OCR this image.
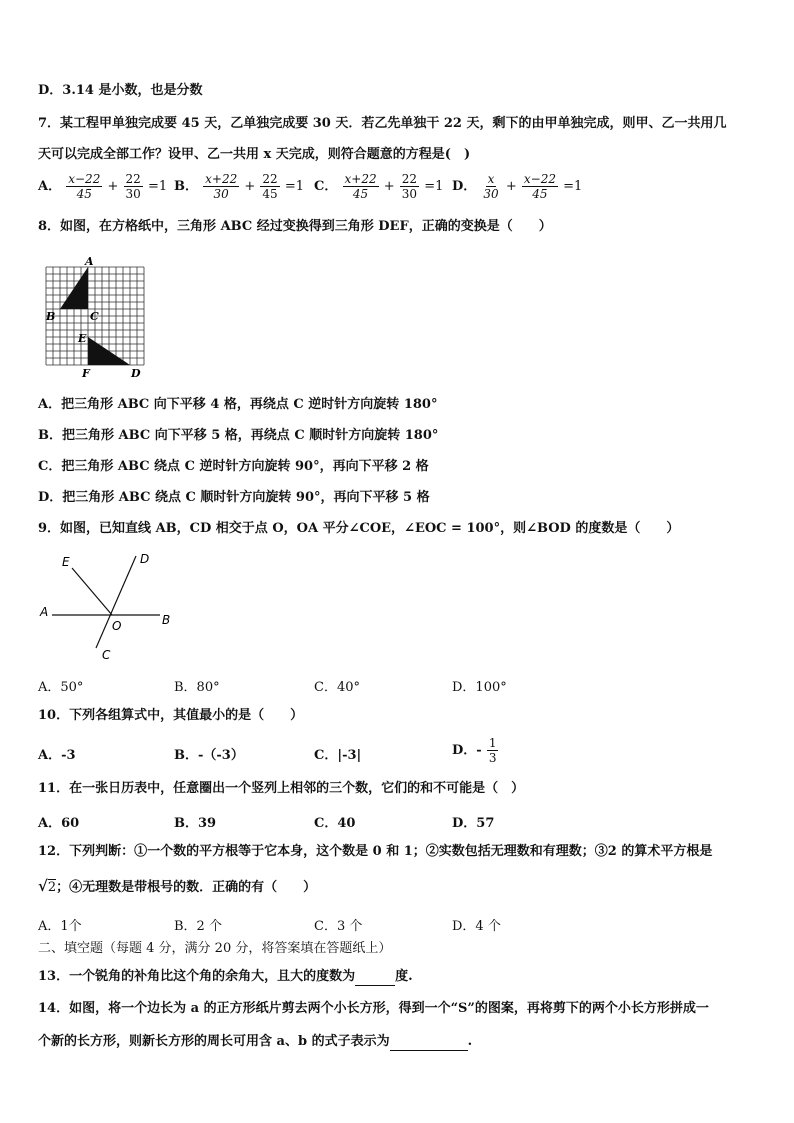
D．3.14 是小数，也是分数
7．某工程甲单独完成要 45 天，乙单独完成要 30 天．若乙先单独干 22 天，剩下的由甲单独完成，则甲、乙一共用几
天可以完成全部工作？设甲、乙一共用 x 天完成，则符合题意的方程是(　)
A． $\frac{x-22}{45} + \frac{22}{30} =1$ B． $\frac{x+22}{30} + \frac{22}{45} =1$ C． $\frac{x+22}{45} + \frac{22}{30} =1$ D． $\frac{x}{30} + \frac{x-22}{45} =1$
8．如图，在方格纸中，三角形 ABC 经过变换得到三角形 DEF，正确的变换是（　　）
A
B	C
E
F	D
A．把三角形 ABC 向下平移 4 格，再绕点 C 逆时针方向旋转 180°
B．把三角形 ABC 向下平移 5 格，再绕点 C 顺时针方向旋转 180°
C．把三角形 ABC 绕点 C 逆时针方向旋转 90°，再向下平移 2 格
D．把三角形 ABC 绕点 C 顺时针方向旋转 90°，再向下平移 5 格
9．如图，已知直线 AB，CD 相交于点 O，OA 平分∠COE，∠EOC = 100°，则∠BOD 的度数是（　　）
A
B
C
D
E
O
A．50°	B．80°	C．40°	D．100°
10．下列各组算式中，其值最小的是（　　）
A．-3	B．-（-3）	C．|-3|	D．- $\frac{1}{3}$
11．在一张日历表中，任意圈出一个竖列上相邻的三个数，它们的和不可能是（　）
A．60	B．39	C．40	D．57
12．下列判断：①一个数的平方根等于它本身，这个数是 0 和 1；②实数包括无理数和有理数；③2 的算术平方根是
√2；④无理数是带根号的数．正确的有（　　）
A．1个	B．2 个	C．3 个	D．4 个
二、填空题（每题 4 分，满分 20 分，将答案填在答题纸上）
13．一个锐角的补角比这个角的余角大，且大的度数为	度.
14．如图，将一个边长为 a 的正方形纸片剪去两个小长方形，得到一个“S”的图案，再将剪下的两个小长方形拼成一
个新的长方形，则新长方形的周长可用含 a、b 的式子表示为	.
